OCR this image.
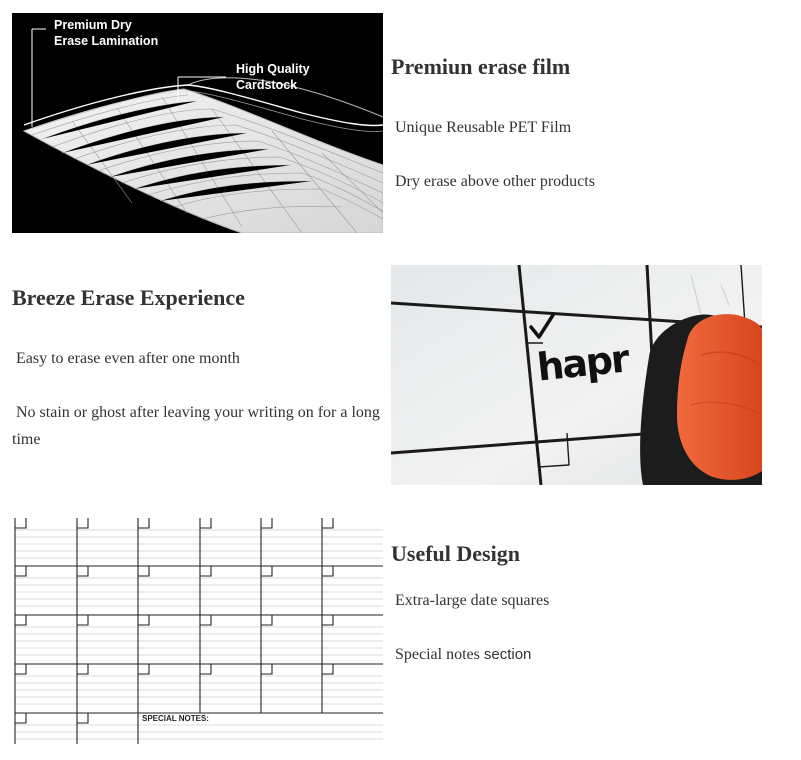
Premium Dry
Erase Lamination
High Quality
Cardstock
Premiun erase film
Unique Reusable PET Film
Dry erase above other products
Breeze Erase Experience
Easy to erase even after one month
No stain or ghost after leaving your writing on for a long time
hapr
SPECIAL NOTES:
Useful Design
Extra-large date squares
Special notes section
